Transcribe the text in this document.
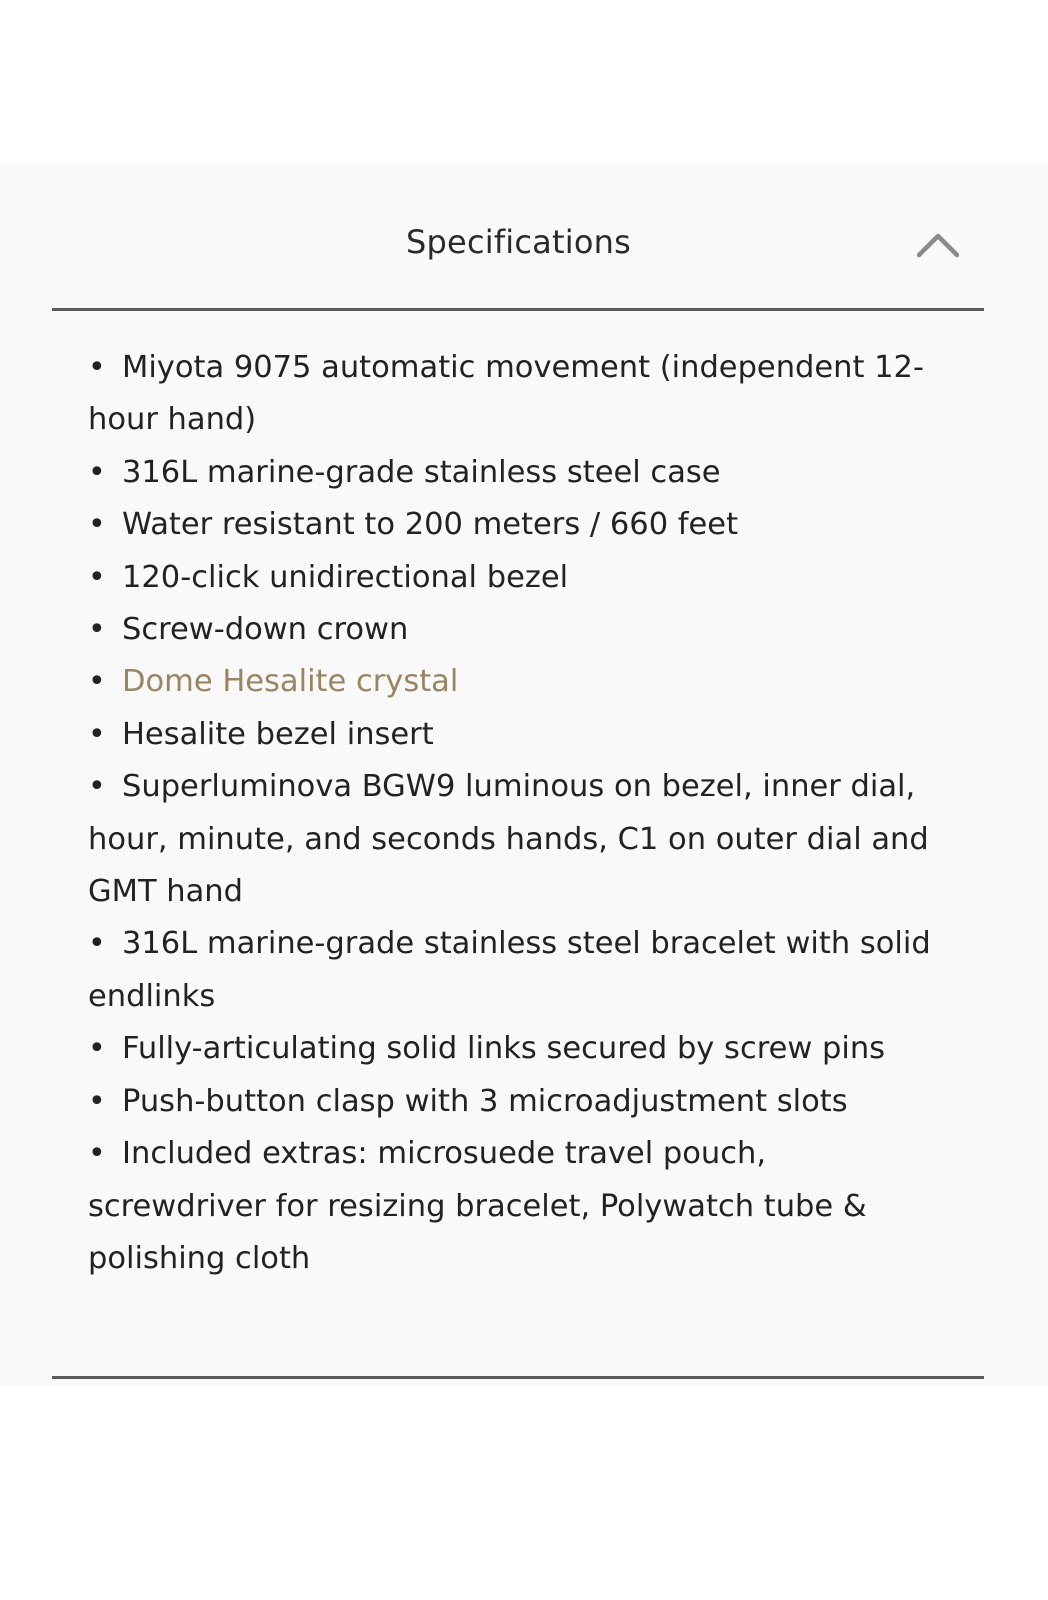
Specifications
• Miyota 9075 automatic movement (independent 12-hour hand)
• 316L marine-grade stainless steel case
• Water resistant to 200 meters / 660 feet
• 120-click unidirectional bezel
• Screw-down crown
• Dome Hesalite crystal
• Hesalite bezel insert
• Superluminova BGW9 luminous on bezel, inner dial, hour, minute, and seconds hands, C1 on outer dial and GMT hand
• 316L marine-grade stainless steel bracelet with solid endlinks
• Fully-articulating solid links secured by screw pins
• Push-button clasp with 3 microadjustment slots
• Included extras: microsuede travel pouch, screwdriver for resizing bracelet, Polywatch tube & polishing cloth
